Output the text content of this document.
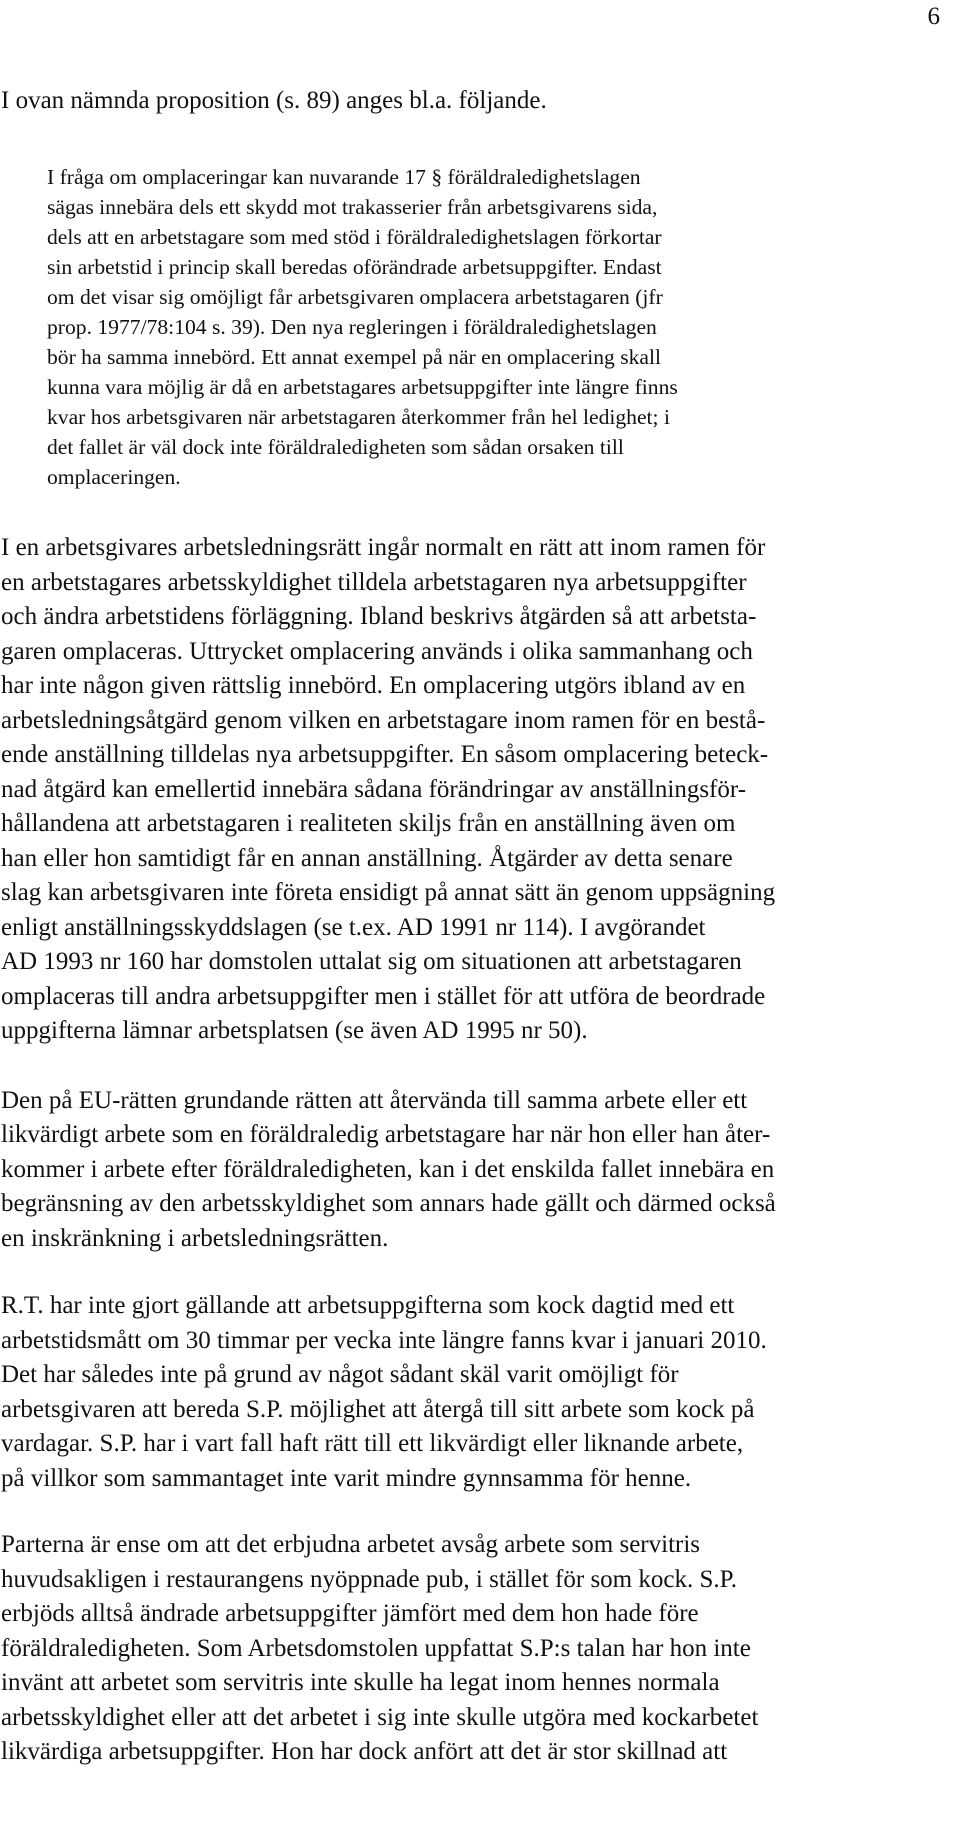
6
I ovan nämnda proposition (s. 89) anges bl.a. följande.
I fråga om omplaceringar kan nuvarande 17 § föräldraledighetslagen
sägas innebära dels ett skydd mot trakasserier från arbetsgivarens sida,
dels att en arbetstagare som med stöd i föräldraledighetslagen förkortar
sin arbetstid i princip skall beredas oförändrade arbetsuppgifter. Endast
om det visar sig omöjligt får arbetsgivaren omplacera arbetstagaren (jfr
prop. 1977/78:104 s. 39). Den nya regleringen i föräldraledighetslagen
bör ha samma innebörd. Ett annat exempel på när en omplacering skall
kunna vara möjlig är då en arbetstagares arbetsuppgifter inte längre finns
kvar hos arbetsgivaren när arbetstagaren återkommer från hel ledighet; i
det fallet är väl dock inte föräldraledigheten som sådan orsaken till
omplaceringen.
I en arbetsgivares arbetsledningsrätt ingår normalt en rätt att inom ramen för
en arbetstagares arbetsskyldighet tilldela arbetstagaren nya arbetsuppgifter
och ändra arbetstidens förläggning. Ibland beskrivs åtgärden så att arbetsta-
garen omplaceras. Uttrycket omplacering används i olika sammanhang och
har inte någon given rättslig innebörd. En omplacering utgörs ibland av en
arbetsledningsåtgärd genom vilken en arbetstagare inom ramen för en bestå-
ende anställning tilldelas nya arbetsuppgifter. En såsom omplacering beteck-
nad åtgärd kan emellertid innebära sådana förändringar av anställningsför-
hållandena att arbetstagaren i realiteten skiljs från en anställning även om
han eller hon samtidigt får en annan anställning. Åtgärder av detta senare
slag kan arbetsgivaren inte företa ensidigt på annat sätt än genom uppsägning
enligt anställningsskyddslagen (se t.ex. AD 1991 nr 114). I avgörandet
AD 1993 nr 160 har domstolen uttalat sig om situationen att arbetstagaren
omplaceras till andra arbetsuppgifter men i stället för att utföra de beordrade
uppgifterna lämnar arbetsplatsen (se även AD 1995 nr 50).
Den på EU-rätten grundande rätten att återvända till samma arbete eller ett
likvärdigt arbete som en föräldraledig arbetstagare har när hon eller han åter-
kommer i arbete efter föräldraledigheten, kan i det enskilda fallet innebära en
begränsning av den arbetsskyldighet som annars hade gällt och därmed också
en inskränkning i arbetsledningsrätten.
R.T. har inte gjort gällande att arbetsuppgifterna som kock dagtid med ett
arbetstidsmått om 30 timmar per vecka inte längre fanns kvar i januari 2010.
Det har således inte på grund av något sådant skäl varit omöjligt för
arbetsgivaren att bereda S.P. möjlighet att återgå till sitt arbete som kock på
vardagar. S.P. har i vart fall haft rätt till ett likvärdigt eller liknande arbete,
på villkor som sammantaget inte varit mindre gynnsamma för henne.
Parterna är ense om att det erbjudna arbetet avsåg arbete som servitris
huvudsakligen i restaurangens nyöppnade pub, i stället för som kock. S.P.
erbjöds alltså ändrade arbetsuppgifter jämfört med dem hon hade före
föräldraledigheten. Som Arbetsdomstolen uppfattat S.P:s talan har hon inte
invänt att arbetet som servitris inte skulle ha legat inom hennes normala
arbetsskyldighet eller att det arbetet i sig inte skulle utgöra med kockarbetet
likvärdiga arbetsuppgifter. Hon har dock anfört att det är stor skillnad att
